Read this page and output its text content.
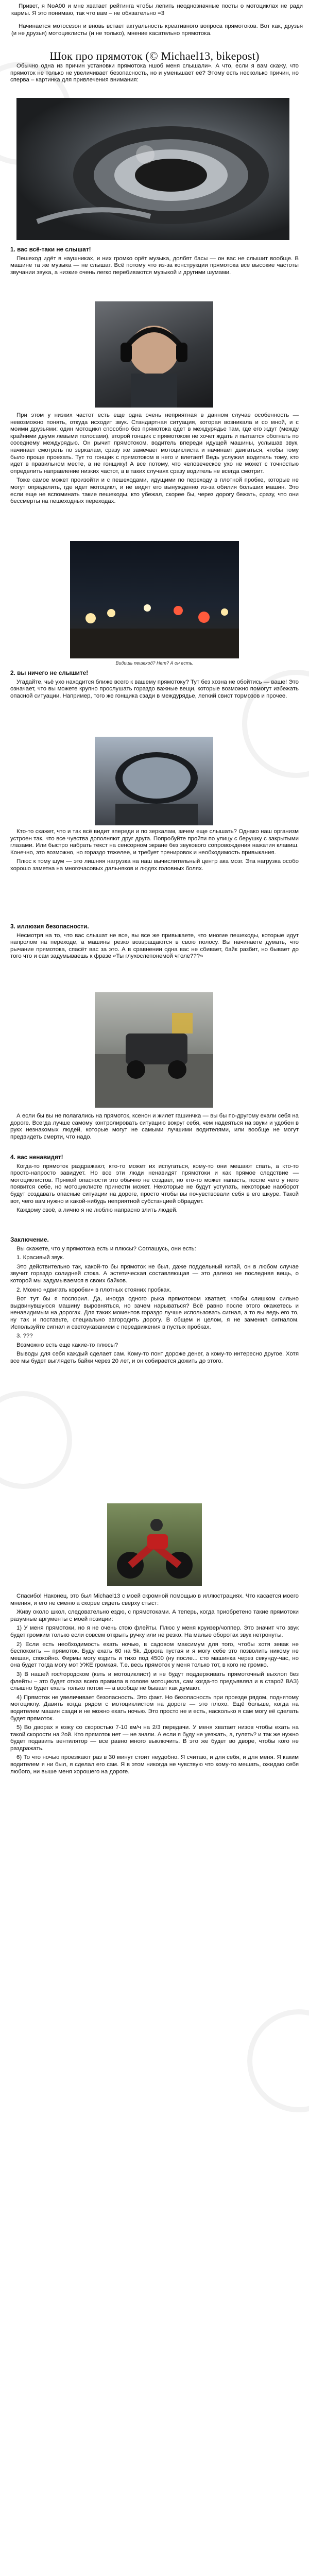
Привет, я NoA00 и мне хватает рейтинга чтобы лепить неоднозначные посты о мотоциклах не ради кармы. Я это понимаю, так что вам – не обязательно =3

Начинается мотосезон и вновь встает актуальность креативного вопроса прямотоков. Вот как, друзья (и не друзья) мотоциклисты (и не только), мнение касательно прямотока.

Шок про прямоток (© Michael13, bikepost)

Обычно одна из причин установки прямотока ншоб меня слышали». А что, если я вам скажу, что прямоток не только не увеличивает безопасность, но и уменьшает её? Этому есть несколько причин, но сперва – картинка для привлечения внимания:

1. вас всё-таки не слышат!

Пешеход идёт в наушниках, и них громко орёт музыка, долбят басы — он вас не слышит вообще. В машине та же музыка — не слышат. Всё потому что из-за конструкции прямотока все высокие частоты звучании звука, а низкие очень легко перебиваются музыкой и другими шумами.

При этом у низких частот есть еще одна очень неприятная в данном случае особенность — невозможно понять, откуда исходит звук. Стандартная ситуация, которая возникала и со мной, и с моими друзьями: один мотоцикл способно без прямотока едет в междурядье там, где его ждут (между крайними двумя левыми полосами), второй гонщик с прямотоком не хочет ждать и пытается обогнать по соседнему междурядью. Он рычит прямотоком, водитель впереди идущей машины, услышав звук, начинает смотреть по зеркалам, сразу же замечает мотоциклиста и начинает двигаться, чтобы тому было проще проехать. Тут то гонщик с прямотоком в него и влетает! Ведь услужил водитель тому, кто идет в правильном месте, а не гонщику! А все потому, что человеческое ухо не может с точностью определить направление низких частот, а в таких случаях сразу водитель не всегда смотрит.

Тоже самое может произойти и с пешеходами, идущими по переходу в плотной пробке, которые не могут определить, где идет мотоцикл, и не видят его вынужденно из-за обилия больших машин. Это если еще не вспоминать такие пешеходы, кто убежал, скорее бы, через дорогу бежать, сразу, что они бессмерты на пешеходных переходах.

Видишь пешеход? Нет? А он есть.

2. вы ничего не слышите!

Угадайте, чьё ухо находится ближе всего к вашему прямотоку? Тут без хозна не обойтись — ваше! Это означает, что вы можете крупно прослушать гораздо важные вещи, которые возможно помогут избежать опасной ситуации. Например, того же гонщика сзади в междурядье, легкий свист тормозов и прочее.

Кто-то скажет, что и так всё видит впереди и по зеркалам, зачем еще слышать? Однако наш организм устроен так, что все чувства дополняют друг друга. Попробуйте пройти по улицу с берушку с закрытыми глазами. Или быстро набрать текст на сенсорном экране без звукового сопровождения нажатия клавиш. Конечно, это возможно, но гораздо тяжелее, и требует тренировок и необходимость привыкания.

Плюс к тому шум — это лишняя нагрузка на наш вычислительный центр ака мозг. Эта нагрузка особо хорошо заметна на многочасовых дальняков и людях головных болях.

3. иллюзия безопасности.

Несмотря на то, что вас слышат не все, вы все же привыкаете, что многие пешеходы, которые идут напролом на переходе, а машины резко возвращаются в свою полосу. Вы начинаете думать, что рычание прямотока, спасёт вас за это. А в сравнении одна вас не сбивает, байк разбит, но бывает до того что и сам задумываешь к фразе «Ты глухослепонемой чтоле???»

А если бы вы не полагались на прямоток, ксенон и жилет гашинчка — вы бы по-другому ехали себя на дороге. Всегда лучше самому контролировать ситуацию вокруг себя, чем надеяться на звуки и удобен в рукх незнакомых людей, которые могут не самыми лучшими водителями, или вообще не могут предвидеть смерти, что надо.

4. вас ненавидят!

Когда-то прямоток раздражают, кто-то может их испугаться, кому-то они мешают спать, а кто-то просто-напросто завидует. Но все эти люди ненавидят прямотоки и как прямое следствие — мотоциклистов. Прямой опасности это обычно не создает, но кто-то может напасть, после чего у него появится себе, но мотоциклисте принести может. Некоторые не будут уступать, некоторые наоборот будут создавать опасные ситуации на дороге, просто чтобы вы почувствовали себя в его шкуре. Такой вот, чего вам нужно и какой-нибудь неприятной субстанцией обрадует.

Каждому своё, а лично я не люблю напрасно злить людей.

Заключение.

Вы скажете, что у прямотока есть и плюсы? Соглашусь, они есть:

1. Красивый звук.

Это действительно так, какой-то бы прямоток не был, даже поддельный китай, он в любом случае звучит гораздо солидней стока. А эстетическая составляющая — это далеко не последняя вещь, о которой мы задумываемся в своих байков.

2. Можно «двигать коробки» в плотных стояних пробках.

Вот тут бы я поспорил. Да, иногда одного рыка прямотоком хватает, чтобы слишком сильно выдвинувшуюся машину выровняться, но зачем нарываться? Всё равно после этого окажетесь и ненавидимым на дорогах. Для таких моментов гораздо лучше использовать сигнал, а то вы ведь его то, ну так и поставьте, специально загородить дорогу. В общем и целом, я не заменил сигналом. Используйте сигнал и светоуказанием с передвижения в пустых пробках.

3. ???

Возможно есть еще какие-то плюсы?

Выводы для себя каждый сделает сам. Кому-то понт дороже денег, а кому-то интересно другое. Хотя все мы будет выглядеть байки через 20 лет, и он собирается дожить до этого.

Спасибо! Наконец, это был Michael13 с моей скромной помощью в иллюстрациях. Что касается моего мнения, и его не сменю а скорее сидеть сверху стыст:

Живу около школ, следовательно ездю, с прямотоками. А теперь, когда приобретено такие прямотоки разумные аргументы с моей позиции:

1) У меня прямотоки, но я не очень стою флейты. Плюс у меня круизер/чоппер. Это значит что звук будет громким только если совсем открыть ручку или не резко. На малые оборотах звук нетронуты.

2) Если есть необходимость ехать ночью, в садовом максимум для того, чтобы хотя зевак не беспокоить — прямоток. Буду ехать 60 на 5k. Дорога пустая и я могу себе это позволить никому не мешая, спокойно. Фирмы могу ездить и тихо под 4500 (ну после... сто машинка через секунду-час, но она будет тогда могу мот УЖЕ громкая. Т.е. весь прямоток у меня только тот, в кого не громко.

3) В нашей гос/городском (кеть и мотоциклист) и не будут поддерживать прямоточный выхлоп без флейты – это будет отказ всего правила в голове мотоцикла, сам когда-то предъявлял и в старой ВАЗ) слышно будет ехать только потом — а вообще не бывает как думают.

4) Прямоток не увеличивает безопасность. Это факт. Но безопасность при проезде рядом, поднятому мотоциклу. Давить когда рядом с мотоциклистом на дороге — это плохо. Ещё больше, когда на водителем машин сзади и не можно ехать ночью. Это просто не и есть, насколько я сам могу её сделать будет прямоток.

5) Во дворах я езжу со скоростью 7-10 км/ч на 2/3 передачи. У меня хватает низов чтобы ехать на такой скорости на 2ой. Кто прямоток нет — не знали. А если я буду не уезжать, а, гулять? и так же нужно будет подавить вентилятор — все равно много выключить. В это же будет во дворе, чтобы кого не раздражать.

6) То что ночью проезжают раз в 30 минут стоит неудобно. Я считаю, и для себя, и для меня. Я каким водителем я ни был, я сделал его сам. Я в этом никогда не чувствую что кому-то мешать, ожидаю себя любого, ни выше меня хорошего на дороге.
